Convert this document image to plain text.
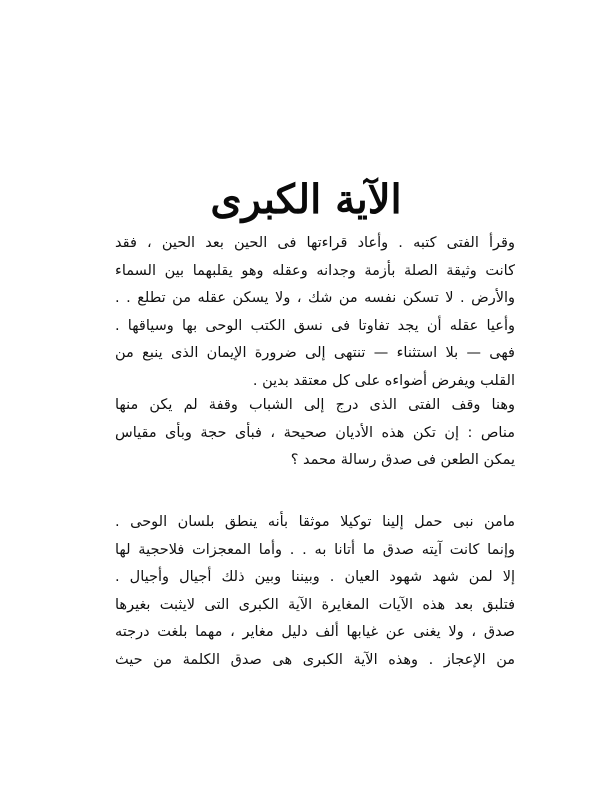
الآية الكبرى
وقرأ الفتى كتبه . وأعاد قراءتها فى الحين بعد الحين ، فقد
كانت وثيقة الصلة بأزمة وجدانه وعقله وهو يقلبهما بين السماء
والأرض . لا تسكن نفسه من شك ، ولا يسكن عقله من تطلع . .
وأعيا عقله أن يجد تفاوتا فى نسق الكتب الوحى بها وسياقها .
فهى — بلا استثناء — تنتهى إلى ضرورة الإيمان الذى ينبع من
القلب ويفرض أضواءه على كل معتقد بدين .
وهنا وقف الفتى الذى درج إلى الشباب وقفة لم يكن منها
مناص : إن تكن هذه الأديان صحيحة ، فبأى حجة وبأى مقياس
يمكن الطعن فى صدق رسالة محمد ؟
مامن نبى حمل إلينا توكيلا موثقا بأنه ينطق بلسان الوحى .
وإنما كانت آيته صدق ما أتانا به . . وأما المعجزات فلاحجية لها
إلا لمن شهد شهود العيان . وبيننا وبين ذلك أجيال وأجيال .
فتلبق بعد هذه الآيات المغايرة الآية الكبرى التى لايثبت بغيرها
صدق ، ولا يغنى عن غيابها ألف دليل مغاير ، مهما بلغت درجته
من الإعجاز . وهذه الآية الكبرى هى صدق الكلمة من حيث
